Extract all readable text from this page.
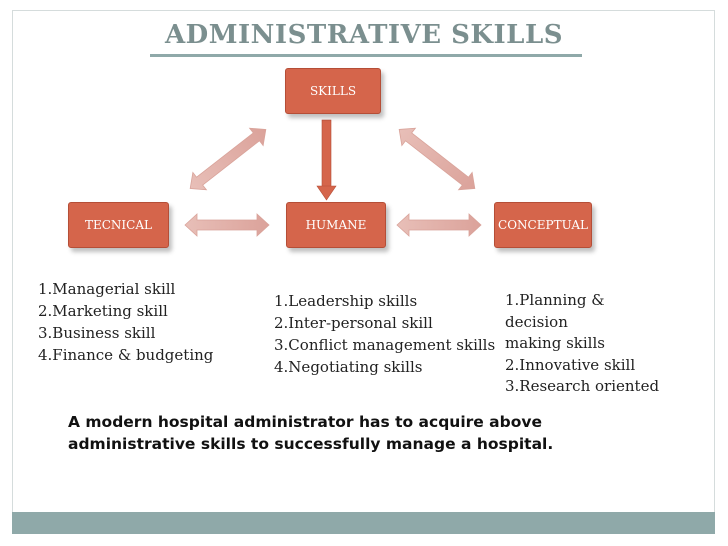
ADMINISTRATIVE SKILLS
SKILLS
TECNICAL	HUMANE	CONCEPTUAL
1.Managerial skill
2.Marketing skill
3.Business skill
4.Finance & budgeting
1.Leadership skills
2.Inter-personal skill
3.Conflict management skills
4.Negotiating skills
1.Planning &
decision
making skills
2.Innovative skill
3.Research oriented

A modern hospital administrator has to acquire above
administrative skills to successfully manage a hospital.
